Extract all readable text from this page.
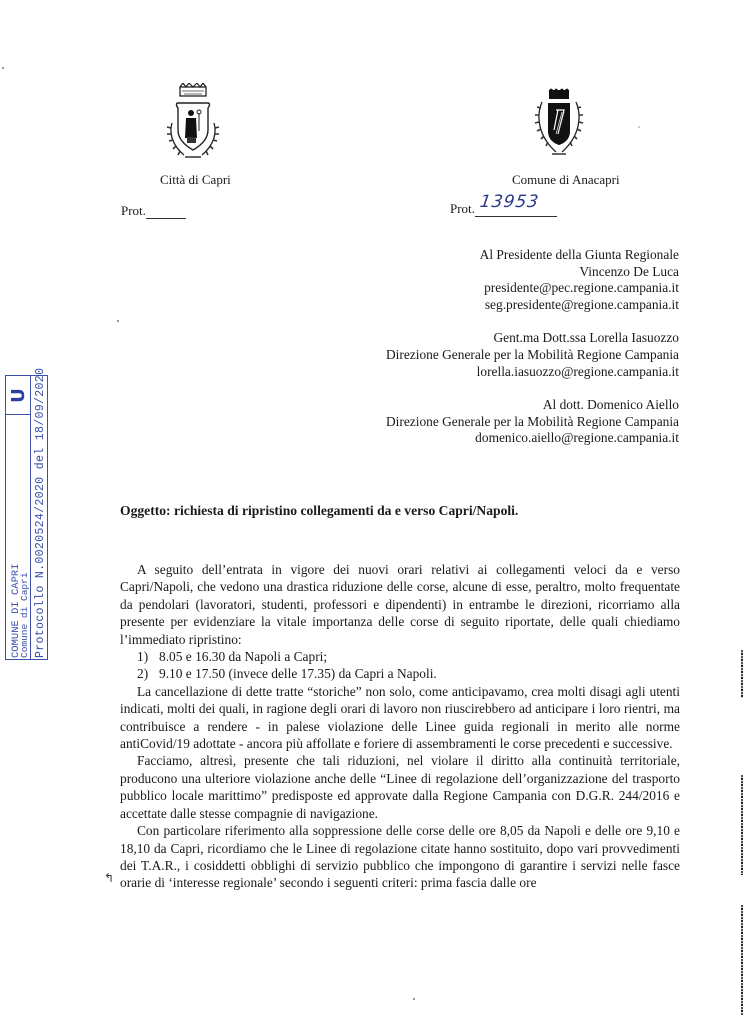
Città di Capri
Prot.
Comune di Anacapri
Prot. 13953
Al Presidente della Giunta Regionale
Vincenzo De Luca
presidente@pec.regione.campania.it
seg.presidente@regione.campania.it
Gent.ma Dott.ssa Lorella Iasuozzo
Direzione Generale per la Mobilità Regione Campania
lorella.iasuozzo@regione.campania.it
Al dott. Domenico Aiello
Direzione Generale per la Mobilità Regione Campania
domenico.aiello@regione.campania.it
U
COMUNE DI CAPRI
Comune di Capri Protocollo N.0020524/2020 del 18/09/2020	Oggetto: richiesta di ripristino collegamenti da e verso Capri/Napoli.

A seguito dell’entrata in vigore dei nuovi orari relativi ai collegamenti veloci da e verso Capri/Napoli, che vedono una drastica riduzione delle corse, alcune di esse, peraltro, molto frequentate da pendolari (lavoratori, studenti, professori e dipendenti) in entrambe le direzioni, ricorriamo alla presente per evidenziare la vitale importanza delle corse di seguito riportate, delle quali chiediamo l’immediato ripristino:

1) 8.05 e 16.30 da Napoli a Capri;
2) 9.10 e 17.50 (invece delle 17.35) da Capri a Napoli.

La cancellazione di dette tratte “storiche” non solo, come anticipavamo, crea molti disagi agli utenti indicati, molti dei quali, in ragione degli orari di lavoro non riuscirebbero ad anticipare i loro rientri, ma contribuisce a rendere - in palese violazione delle Linee guida regionali in merito alle norme antiCovid/19 adottate - ancora più affollate e foriere di assembramenti le corse precedenti e successive.

Facciamo, altresì, presente che tali riduzioni, nel violare il diritto alla continuità territoriale, producono una ulteriore violazione anche delle “Linee di regolazione dell’organizzazione del trasporto pubblico locale marittimo” predisposte ed approvate dalla Regione Campania con D.G.R. 244/2016 e accettate dalle stesse compagnie di navigazione.

Con particolare riferimento alla soppressione delle corse delle ore 8,05 da Napoli e delle ore 9,10 e 18,10 da Capri, ricordiamo che le Linee di regolazione citate hanno sostituito, dopo vari provvedimenti dei T.A.R., i cosiddetti obblighi di servizio pubblico che impongono di garantire i servizi nelle fasce orarie di ‘interesse regionale’ secondo i seguenti criteri: prima fascia dalle ore

↰
